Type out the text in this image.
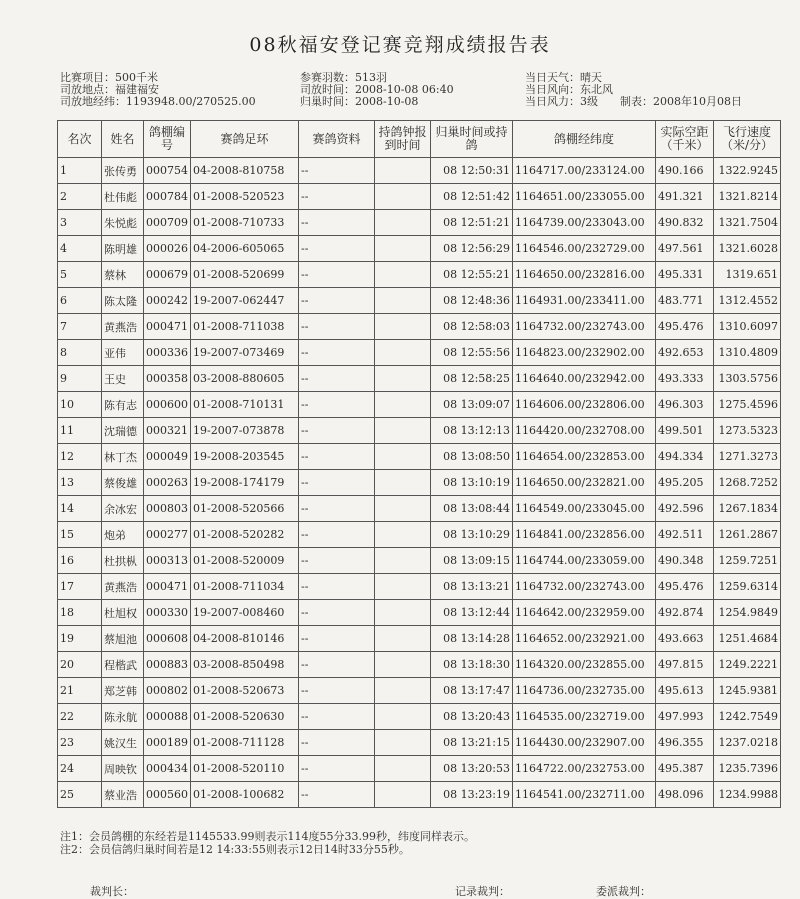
08秋福安登记赛竞翔成绩报告表
比赛项目：500千米
司放地点：福建福安
司放地经纬：1193948.00/270525.00
参赛羽数：513羽
司放时间：2008-10-08 06:40
归巢时间：2008-10-08
当日天气：晴天
当日风向：东北风
当日风力：3级 制表：2008年10月08日
名次	姓名	鸽棚编号	赛鸽足环	赛鸽资料	持鸽钟报到时间	归巢时间或持鸽	鸽棚经纬度	实际空距（千米）	飞行速度（米/分）
1	张传勇	000754	04-2008-810758	--		08 12:50:31	1164717.00/233124.00	490.166	1322.9245
2	杜伟彪	000784	01-2008-520523	--		08 12:51:42	1164651.00/233055.00	491.321	1321.8214
3	朱悦彪	000709	01-2008-710733	--		08 12:51:21	1164739.00/233043.00	490.832	1321.7504
4	陈明雄	000026	04-2006-605065	--		08 12:56:29	1164546.00/232729.00	497.561	1321.6028
5	蔡林	000679	01-2008-520699	--		08 12:55:21	1164650.00/232816.00	495.331	1319.651
6	陈太隆	000242	19-2007-062447	--		08 12:48:36	1164931.00/233411.00	483.771	1312.4552
7	黄燕浩	000471	01-2008-711038	--		08 12:58:03	1164732.00/232743.00	495.476	1310.6097
8	亚伟	000336	19-2007-073469	--		08 12:55:56	1164823.00/232902.00	492.653	1310.4809
9	王史	000358	03-2008-880605	--		08 12:58:25	1164640.00/232942.00	493.333	1303.5756
10	陈有志	000600	01-2008-710131	--		08 13:09:07	1164606.00/232806.00	496.303	1275.4596
11	沈瑞德	000321	19-2007-073878	--		08 13:12:13	1164420.00/232708.00	499.501	1273.5323
12	林丁杰	000049	19-2008-203545	--		08 13:08:50	1164654.00/232853.00	494.334	1271.3273
13	蔡俊雄	000263	19-2008-174179	--		08 13:10:19	1164650.00/232821.00	495.205	1268.7252
14	余冰宏	000803	01-2008-520566	--		08 13:08:44	1164549.00/233045.00	492.596	1267.1834
15	炮弟	000277	01-2008-520282	--		08 13:10:29	1164841.00/232856.00	492.511	1261.2867
16	杜拱枞	000313	01-2008-520009	--		08 13:09:15	1164744.00/233059.00	490.348	1259.7251
17	黄燕浩	000471	01-2008-711034	--		08 13:13:21	1164732.00/232743.00	495.476	1259.6314
18	杜旭权	000330	19-2007-008460	--		08 13:12:44	1164642.00/232959.00	492.874	1254.9849
19	蔡旭池	000608	04-2008-810146	--		08 13:14:28	1164652.00/232921.00	493.663	1251.4684
20	程楷武	000883	03-2008-850498	--		08 13:18:30	1164320.00/232855.00	497.815	1249.2221
21	郑芝韩	000802	01-2008-520673	--		08 13:17:47	1164736.00/232735.00	495.613	1245.9381
22	陈永航	000088	01-2008-520630	--		08 13:20:43	1164535.00/232719.00	497.993	1242.7549
23	姚汉生	000189	01-2008-711128	--		08 13:21:15	1164430.00/232907.00	496.355	1237.0218
24	周映钦	000434	01-2008-520110	--		08 13:20:53	1164722.00/232753.00	495.387	1235.7396
25	蔡业浩	000560	01-2008-100682	--		08 13:23:19	1164541.00/232711.00	498.096	1234.9988
注1：会员鸽棚的东经若是1145533.99则表示114度55分33.99秒，纬度同样表示。
注2：会员信鸽归巢时间若是12 14:33:55则表示12日14时33分55秒。
裁判长：	记录裁判：	委派裁判：
